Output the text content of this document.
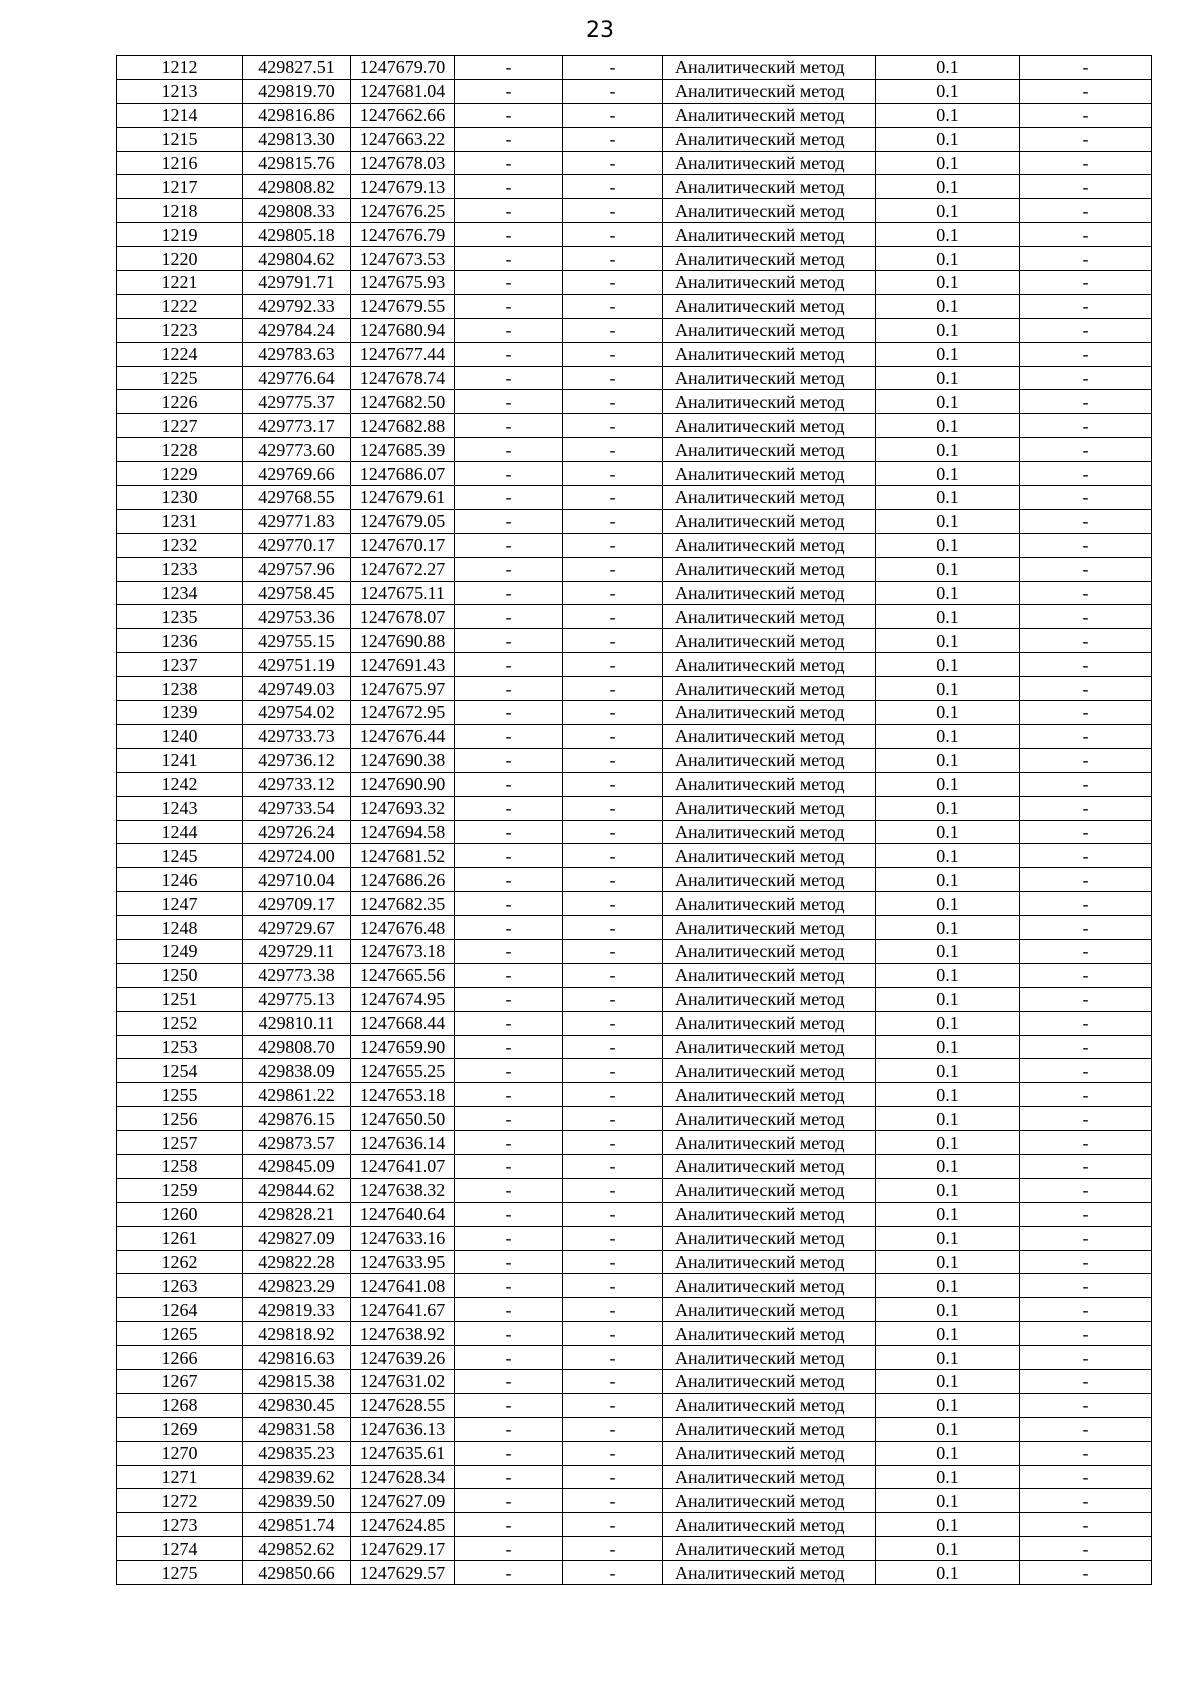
23
1212	429827.51	1247679.70	-	-	Аналитический метод	0.1	-
1213	429819.70	1247681.04	-	-	Аналитический метод	0.1	-
1214	429816.86	1247662.66	-	-	Аналитический метод	0.1	-
1215	429813.30	1247663.22	-	-	Аналитический метод	0.1	-
1216	429815.76	1247678.03	-	-	Аналитический метод	0.1	-
1217	429808.82	1247679.13	-	-	Аналитический метод	0.1	-
1218	429808.33	1247676.25	-	-	Аналитический метод	0.1	-
1219	429805.18	1247676.79	-	-	Аналитический метод	0.1	-
1220	429804.62	1247673.53	-	-	Аналитический метод	0.1	-
1221	429791.71	1247675.93	-	-	Аналитический метод	0.1	-
1222	429792.33	1247679.55	-	-	Аналитический метод	0.1	-
1223	429784.24	1247680.94	-	-	Аналитический метод	0.1	-
1224	429783.63	1247677.44	-	-	Аналитический метод	0.1	-
1225	429776.64	1247678.74	-	-	Аналитический метод	0.1	-
1226	429775.37	1247682.50	-	-	Аналитический метод	0.1	-
1227	429773.17	1247682.88	-	-	Аналитический метод	0.1	-
1228	429773.60	1247685.39	-	-	Аналитический метод	0.1	-
1229	429769.66	1247686.07	-	-	Аналитический метод	0.1	-
1230	429768.55	1247679.61	-	-	Аналитический метод	0.1	-
1231	429771.83	1247679.05	-	-	Аналитический метод	0.1	-
1232	429770.17	1247670.17	-	-	Аналитический метод	0.1	-
1233	429757.96	1247672.27	-	-	Аналитический метод	0.1	-
1234	429758.45	1247675.11	-	-	Аналитический метод	0.1	-
1235	429753.36	1247678.07	-	-	Аналитический метод	0.1	-
1236	429755.15	1247690.88	-	-	Аналитический метод	0.1	-
1237	429751.19	1247691.43	-	-	Аналитический метод	0.1	-
1238	429749.03	1247675.97	-	-	Аналитический метод	0.1	-
1239	429754.02	1247672.95	-	-	Аналитический метод	0.1	-
1240	429733.73	1247676.44	-	-	Аналитический метод	0.1	-
1241	429736.12	1247690.38	-	-	Аналитический метод	0.1	-
1242	429733.12	1247690.90	-	-	Аналитический метод	0.1	-
1243	429733.54	1247693.32	-	-	Аналитический метод	0.1	-
1244	429726.24	1247694.58	-	-	Аналитический метод	0.1	-
1245	429724.00	1247681.52	-	-	Аналитический метод	0.1	-
1246	429710.04	1247686.26	-	-	Аналитический метод	0.1	-
1247	429709.17	1247682.35	-	-	Аналитический метод	0.1	-
1248	429729.67	1247676.48	-	-	Аналитический метод	0.1	-
1249	429729.11	1247673.18	-	-	Аналитический метод	0.1	-
1250	429773.38	1247665.56	-	-	Аналитический метод	0.1	-
1251	429775.13	1247674.95	-	-	Аналитический метод	0.1	-
1252	429810.11	1247668.44	-	-	Аналитический метод	0.1	-
1253	429808.70	1247659.90	-	-	Аналитический метод	0.1	-
1254	429838.09	1247655.25	-	-	Аналитический метод	0.1	-
1255	429861.22	1247653.18	-	-	Аналитический метод	0.1	-
1256	429876.15	1247650.50	-	-	Аналитический метод	0.1	-
1257	429873.57	1247636.14	-	-	Аналитический метод	0.1	-
1258	429845.09	1247641.07	-	-	Аналитический метод	0.1	-
1259	429844.62	1247638.32	-	-	Аналитический метод	0.1	-
1260	429828.21	1247640.64	-	-	Аналитический метод	0.1	-
1261	429827.09	1247633.16	-	-	Аналитический метод	0.1	-
1262	429822.28	1247633.95	-	-	Аналитический метод	0.1	-
1263	429823.29	1247641.08	-	-	Аналитический метод	0.1	-
1264	429819.33	1247641.67	-	-	Аналитический метод	0.1	-
1265	429818.92	1247638.92	-	-	Аналитический метод	0.1	-
1266	429816.63	1247639.26	-	-	Аналитический метод	0.1	-
1267	429815.38	1247631.02	-	-	Аналитический метод	0.1	-
1268	429830.45	1247628.55	-	-	Аналитический метод	0.1	-
1269	429831.58	1247636.13	-	-	Аналитический метод	0.1	-
1270	429835.23	1247635.61	-	-	Аналитический метод	0.1	-
1271	429839.62	1247628.34	-	-	Аналитический метод	0.1	-
1272	429839.50	1247627.09	-	-	Аналитический метод	0.1	-
1273	429851.74	1247624.85	-	-	Аналитический метод	0.1	-
1274	429852.62	1247629.17	-	-	Аналитический метод	0.1	-
1275	429850.66	1247629.57	-	-	Аналитический метод	0.1	-
